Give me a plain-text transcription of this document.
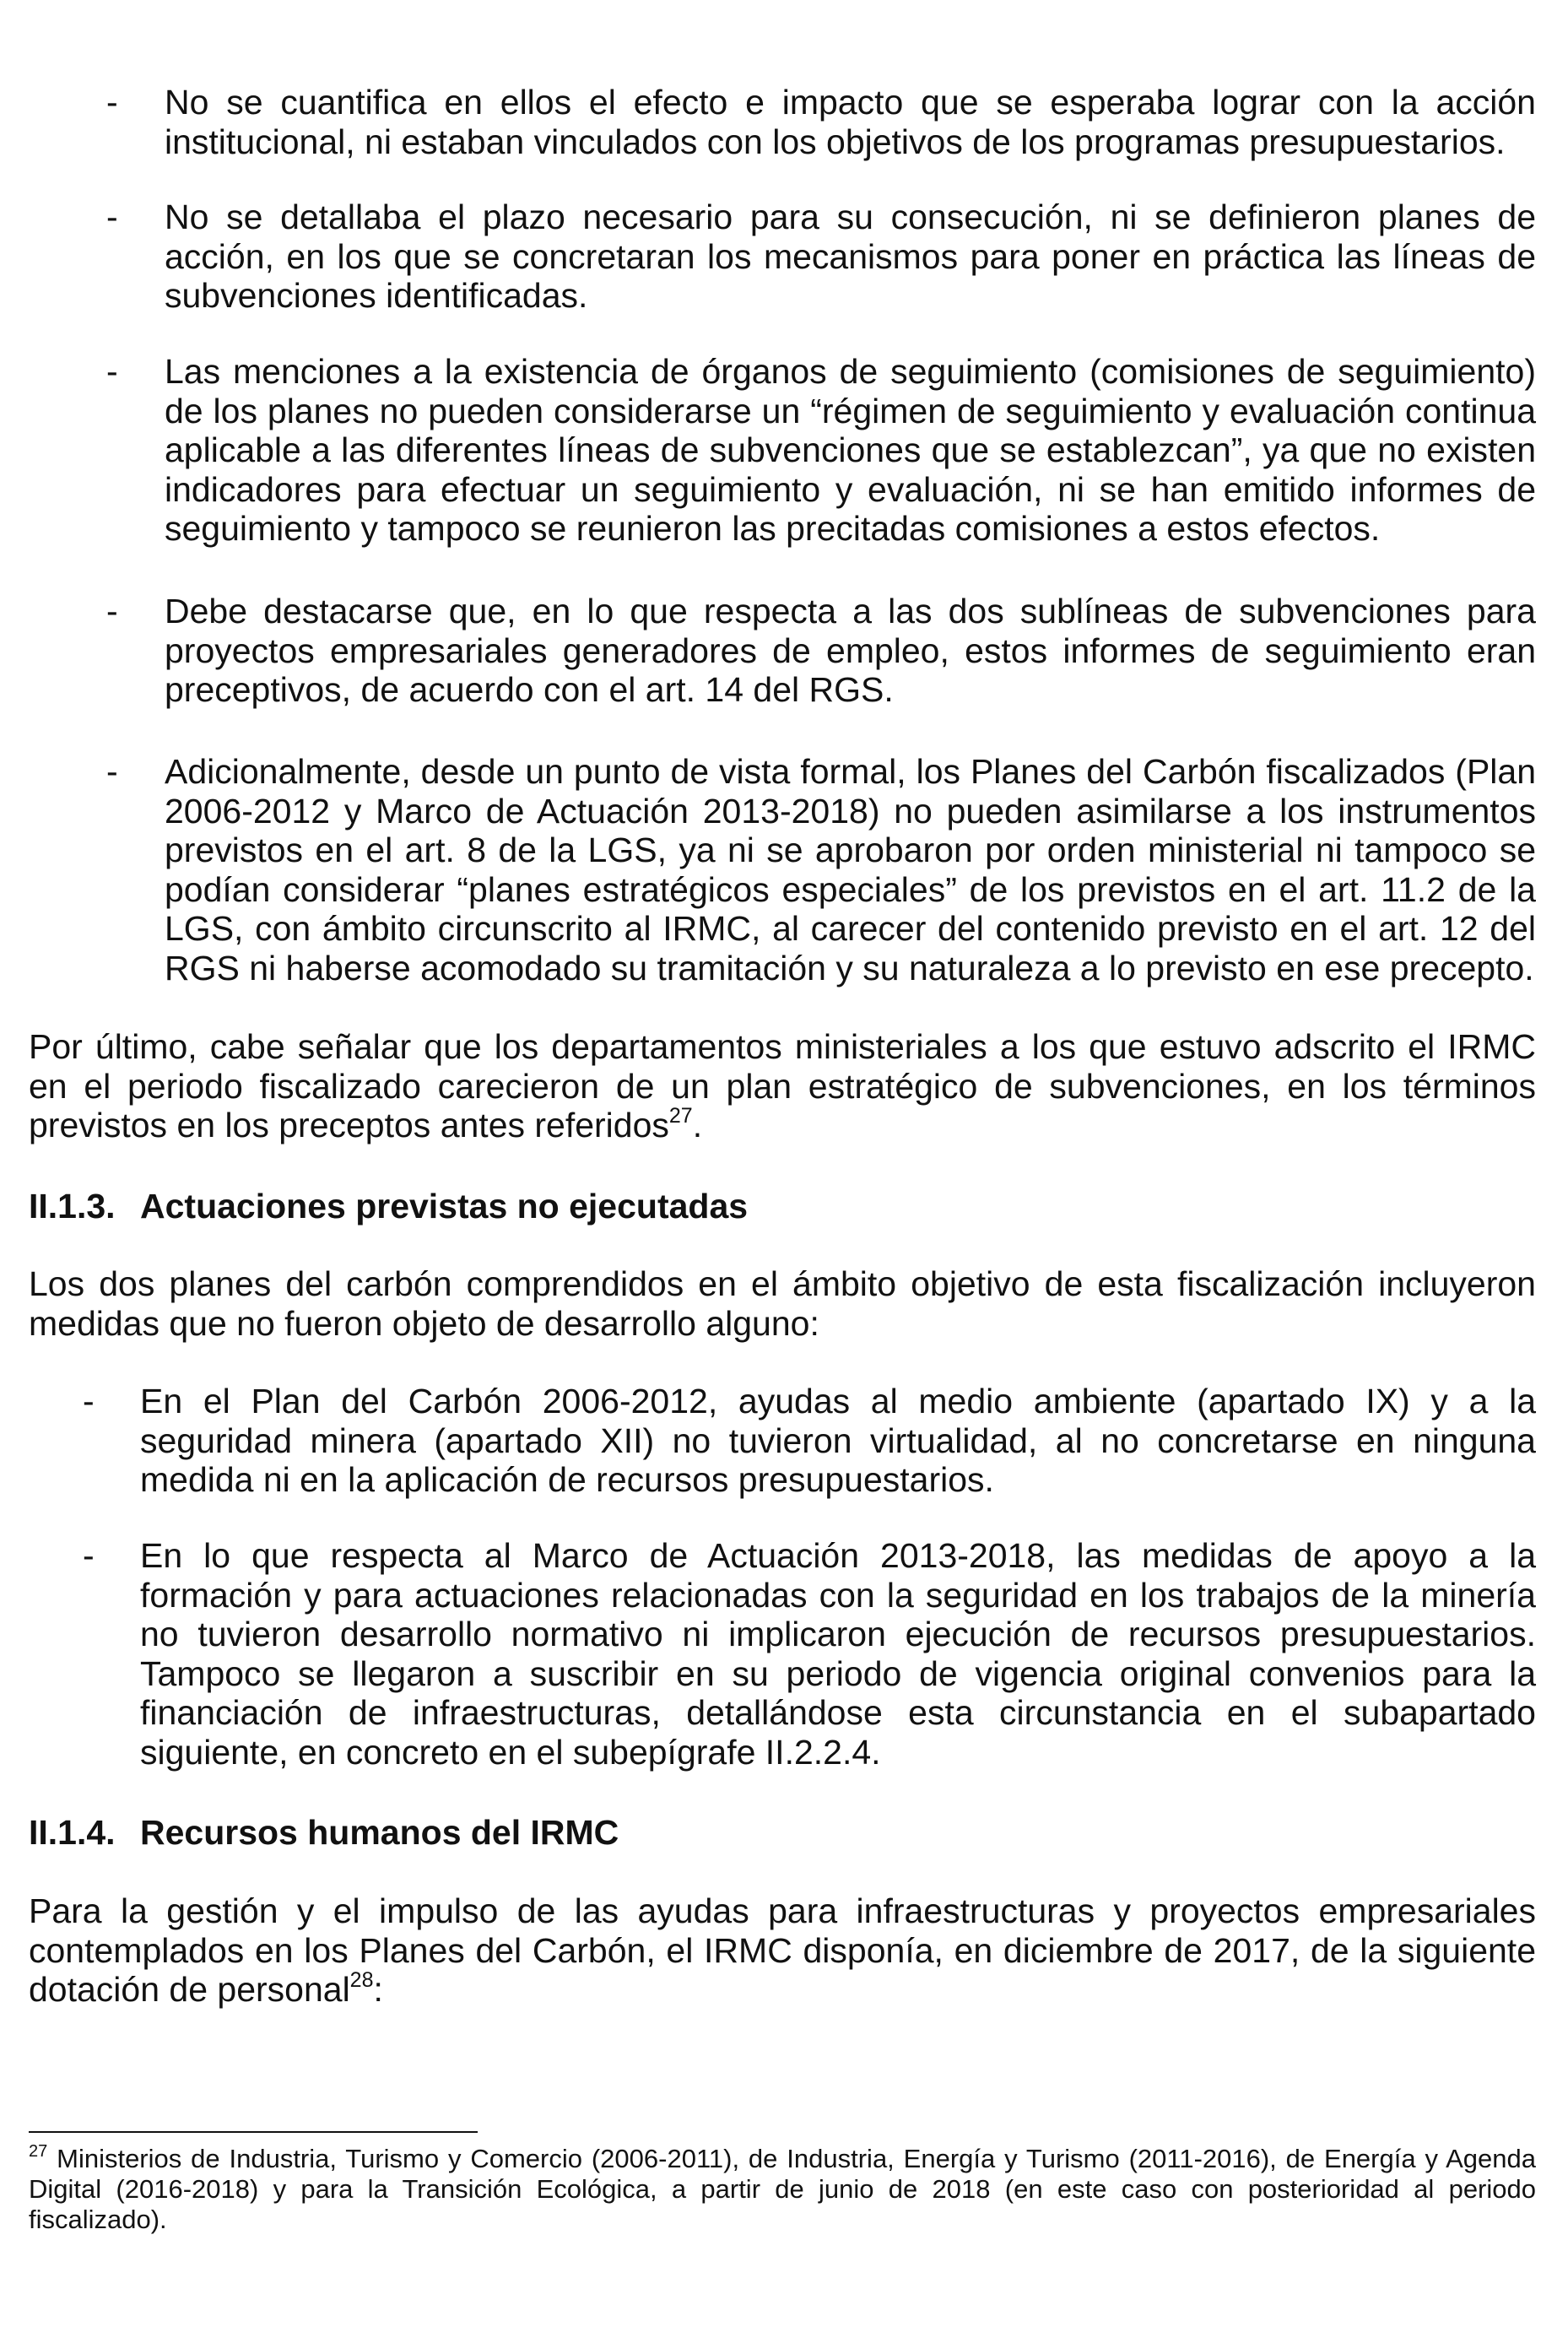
- No se cuantifica en ellos el efecto e impacto que se esperaba lograr con la acción institucional, ni estaban vinculados con los objetivos de los programas presupuestarios.

- No se detallaba el plazo necesario para su consecución, ni se definieron planes de acción, en los que se concretaran los mecanismos para poner en práctica las líneas de subvenciones identificadas.

- Las menciones a la existencia de órganos de seguimiento (comisiones de seguimiento) de los planes no pueden considerarse un “régimen de seguimiento y evaluación continua aplicable a las diferentes líneas de subvenciones que se establezcan”, ya que no existen indicadores para efectuar un seguimiento y evaluación, ni se han emitido informes de seguimiento y tampoco se reunieron las precitadas comisiones a estos efectos.

- Debe destacarse que, en lo que respecta a las dos sublíneas de subvenciones para proyectos empresariales generadores de empleo, estos informes de seguimiento eran preceptivos, de acuerdo con el art. 14 del RGS.

- Adicionalmente, desde un punto de vista formal, los Planes del Carbón fiscalizados (Plan 2006-2012 y Marco de Actuación 2013-2018) no pueden asimilarse a los instrumentos previstos en el art. 8 de la LGS, ya ni se aprobaron por orden ministerial ni tampoco se podían considerar “planes estratégicos especiales” de los previstos en el art. 11.2 de la LGS, con ámbito circunscrito al IRMC, al carecer del contenido previsto en el art. 12 del RGS ni haberse acomodado su tramitación y su naturaleza a lo previsto en ese precepto.

Por último, cabe señalar que los departamentos ministeriales a los que estuvo adscrito el IRMC en el periodo fiscalizado carecieron de un plan estratégico de subvenciones, en los términos previstos en los preceptos antes referidos$^{27}$.

II.1.3. Actuaciones previstas no ejecutadas

Los dos planes del carbón comprendidos en el ámbito objetivo de esta fiscalización incluyeron medidas que no fueron objeto de desarrollo alguno:

- En el Plan del Carbón 2006-2012, ayudas al medio ambiente (apartado IX) y a la seguridad minera (apartado XII) no tuvieron virtualidad, al no concretarse en ninguna medida ni en la aplicación de recursos presupuestarios.

- En lo que respecta al Marco de Actuación 2013-2018, las medidas de apoyo a la formación y para actuaciones relacionadas con la seguridad en los trabajos de la minería no tuvieron desarrollo normativo ni implicaron ejecución de recursos presupuestarios. Tampoco se llegaron a suscribir en su periodo de vigencia original convenios para la financiación de infraestructuras, detallándose esta circunstancia en el subapartado siguiente, en concreto en el subepígrafe II.2.2.4.

II.1.4. Recursos humanos del IRMC

Para la gestión y el impulso de las ayudas para infraestructuras y proyectos empresariales contemplados en los Planes del Carbón, el IRMC disponía, en diciembre de 2017, de la siguiente dotación de personal$^{28}$:

$^{27}$ Ministerios de Industria, Turismo y Comercio (2006-2011), de Industria, Energía y Turismo (2011-2016), de Energía y Agenda Digital (2016-2018) y para la Transición Ecológica, a partir de junio de 2018 (en este caso con posterioridad al periodo fiscalizado).
